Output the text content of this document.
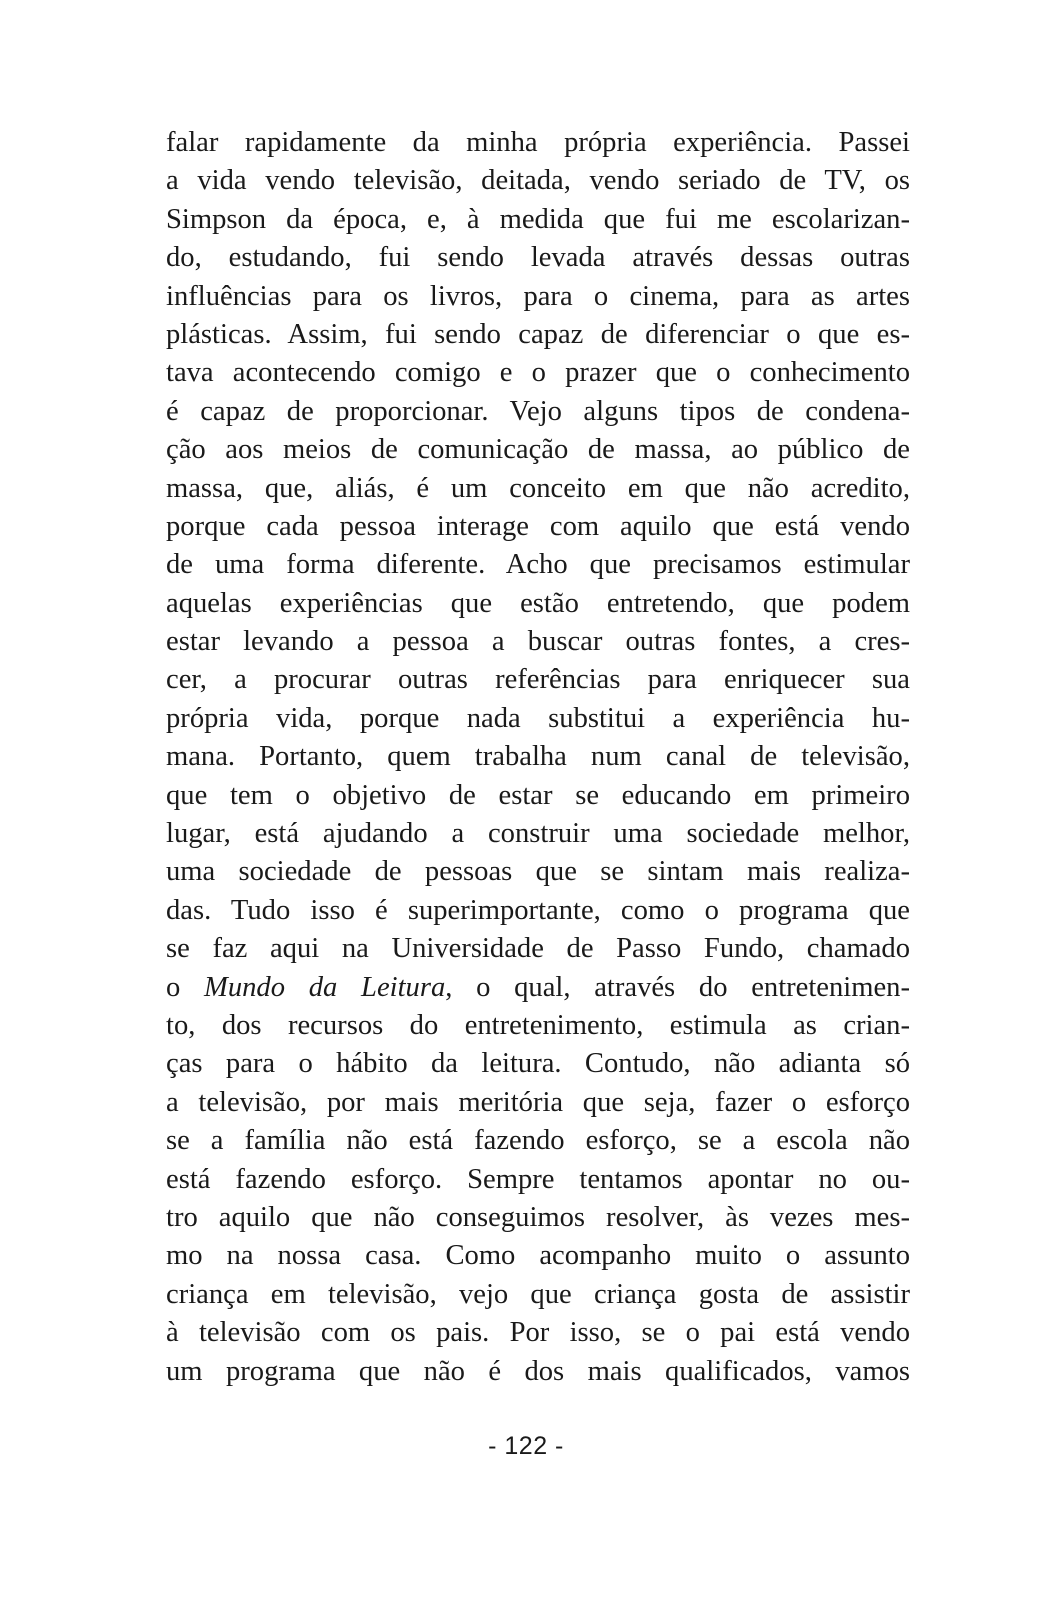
falar rapidamente da minha própria experiência. Passei
a vida vendo televisão, deitada, vendo seriado de TV, os
Simpson da época, e, à medida que fui me escolarizan-
do, estudando, fui sendo levada através dessas outras
influências para os livros, para o cinema, para as artes
plásticas. Assim, fui sendo capaz de diferenciar o que es-
tava acontecendo comigo e o prazer que o conhecimento
é capaz de proporcionar. Vejo alguns tipos de condena-
ção aos meios de comunicação de massa, ao público de
massa, que, aliás, é um conceito em que não acredito,
porque cada pessoa interage com aquilo que está vendo
de uma forma diferente. Acho que precisamos estimular
aquelas experiências que estão entretendo, que podem
estar levando a pessoa a buscar outras fontes, a cres-
cer, a procurar outras referências para enriquecer sua
própria vida, porque nada substitui a experiência hu-
mana. Portanto, quem trabalha num canal de televisão,
que tem o objetivo de estar se educando em primeiro
lugar, está ajudando a construir uma sociedade melhor,
uma sociedade de pessoas que se sintam mais realiza-
das. Tudo isso é superimportante, como o programa que
se faz aqui na Universidade de Passo Fundo, chamado
o Mundo da Leitura, o qual, através do entretenimen-
to, dos recursos do entretenimento, estimula as crian-
ças para o hábito da leitura. Contudo, não adianta só
a televisão, por mais meritória que seja, fazer o esforço
se a família não está fazendo esforço, se a escola não
está fazendo esforço. Sempre tentamos apontar no ou-
tro aquilo que não conseguimos resolver, às vezes mes-
mo na nossa casa. Como acompanho muito o assunto
criança em televisão, vejo que criança gosta de assistir
à televisão com os pais. Por isso, se o pai está vendo
um programa que não é dos mais qualificados, vamos
- 122 -
